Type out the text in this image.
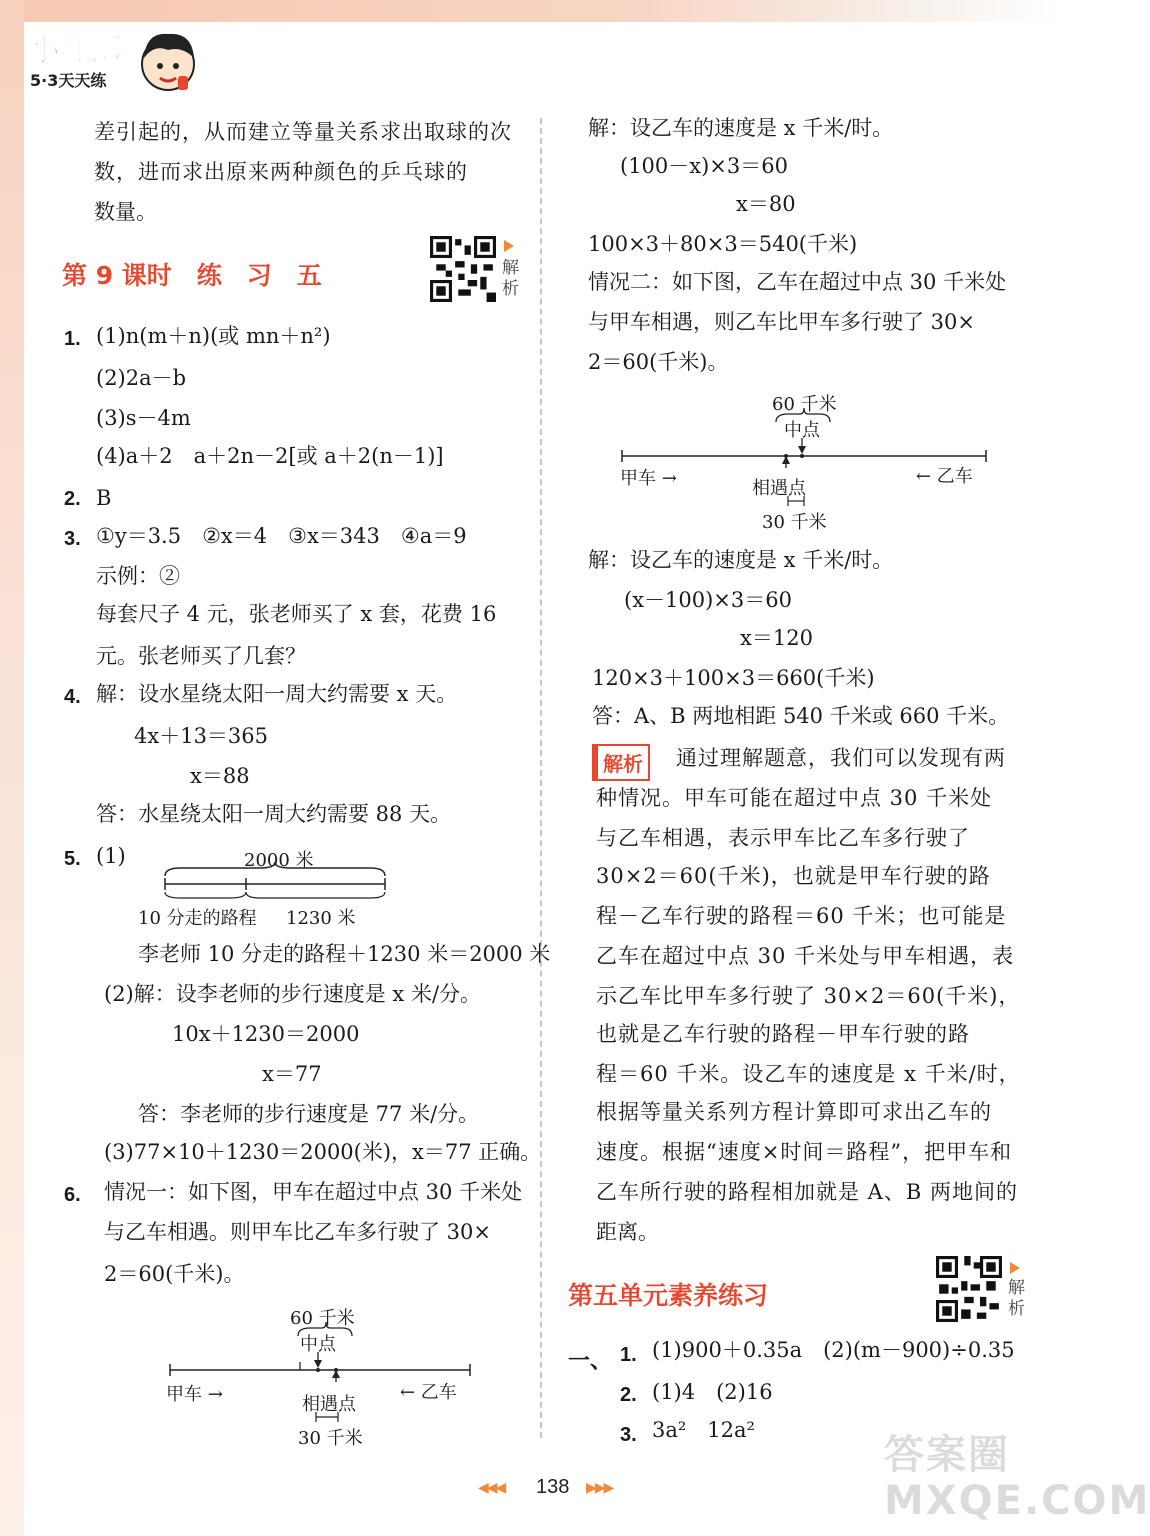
小儿郎
5·3天天练
差引起的，从而建立等量关系求出取球的次
数，进而求出原来两种颜色的乒乓球的
数量。
第 9 课时　练　习　五	解析
1. (1)n(m＋n)(或 mn＋n²)
(2)2a－b
(3)s－4m
(4)a＋2　a＋2n－2[或 a＋2(n－1)]
2. B
3. ①y＝3.5　②x＝4　③x＝343　④a＝9
示例：②
每套尺子 4 元，张老师买了 x 套，花费 16
元。张老师买了几套？
4. 解：设水星绕太阳一周大约需要 x 天。
4x＋13＝365
x＝88
答：水星绕太阳一周大约需要 88 天。
5. (1)	2000 米
10 分走的路程 1230 米
李老师 10 分走的路程＋1230 米＝2000 米
(2)解：设李老师的步行速度是 x 米/分。
10x＋1230＝2000
x＝77
答：李老师的步行速度是 77 米/分。
(3)77×10＋1230＝2000(米)，x＝77 正确。
6. 情况一：如下图，甲车在超过中点 30 千米处
与乙车相遇。则甲车比乙车多行驶了 30×
2＝60(千米)。
60 千米
中点
甲车 →	← 乙车
相遇点
30 千米
解：设乙车的速度是 x 千米/时。
(100－x)×3＝60
x＝80
100×3＋80×3＝540(千米)
情况二：如下图，乙车在超过中点 30 千米处
与甲车相遇，则乙车比甲车多行驶了 30×
2＝60(千米)。
60 千米
中点
甲车 →	← 乙车
相遇点
30 千米
解：设乙车的速度是 x 千米/时。
(x－100)×3＝60
x＝120
120×3＋100×3＝660(千米)
答：A、B 两地相距 540 千米或 660 千米。
解析	通过理解题意，我们可以发现有两
种情况。甲车可能在超过中点 30 千米处
与乙车相遇，表示甲车比乙车多行驶了
30×2＝60(千米)，也就是甲车行驶的路
程－乙车行驶的路程＝60 千米；也可能是
乙车在超过中点 30 千米处与甲车相遇，表
示乙车比甲车多行驶了 30×2＝60(千米)，
也就是乙车行驶的路程－甲车行驶的路
程＝60 千米。设乙车的速度是 x 千米/时，
根据等量关系列方程计算即可求出乙车的
速度。根据“速度×时间＝路程”，把甲车和
乙车所行驶的路程相加就是 A、B 两地间的
距离。
第五单元素养练习	解析
一、 1. (1)900＋0.35a　(2)(m－900)÷0.35
2. (1)4　(2)16
3. 3a²　12a²
◀◀◀ 138 ▶▶▶
答案圈 MXQE.COM
